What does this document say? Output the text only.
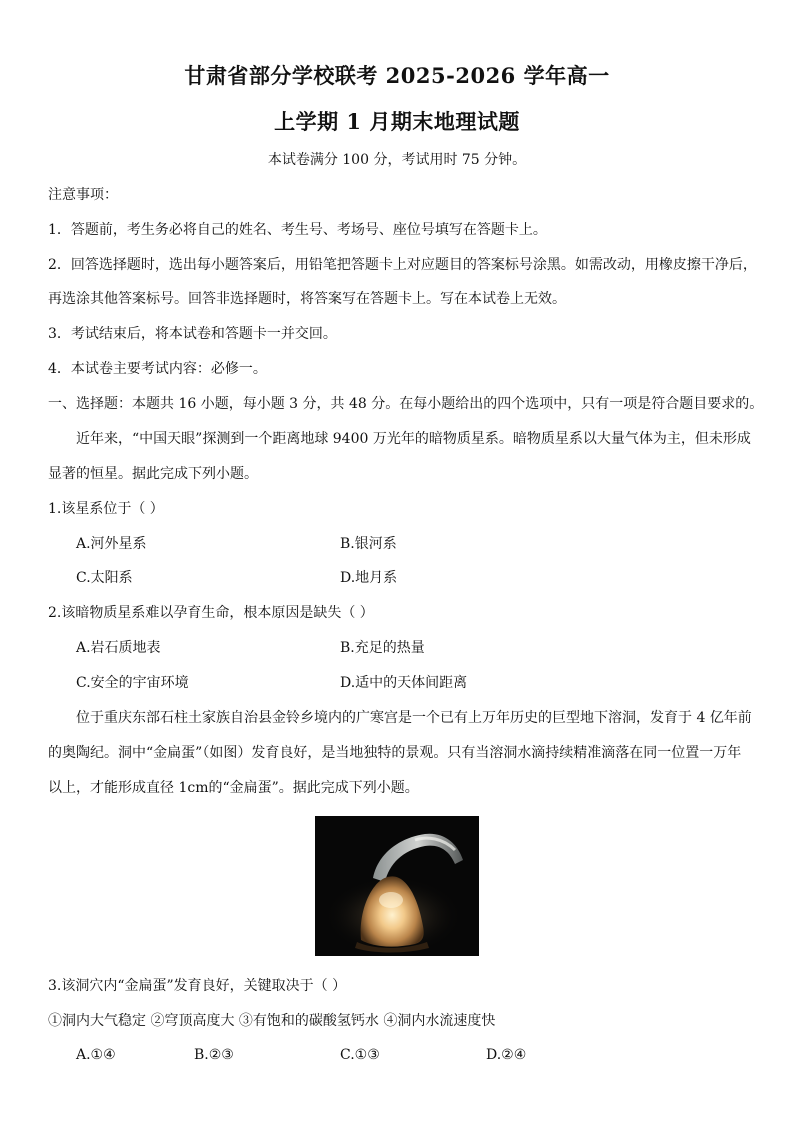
甘肃省部分学校联考 2025-2026 学年高一
上学期 1 月期末地理试题
本试卷满分 100 分，考试用时 75 分钟。
注意事项：
1．答题前，考生务必将自己的姓名、考生号、考场号、座位号填写在答题卡上。
2．回答选择题时，选出每小题答案后，用铅笔把答题卡上对应题目的答案标号涂黑。如需改动，用橡皮擦干净后，
再选涂其他答案标号。回答非选择题时，将答案写在答题卡上。写在本试卷上无效。
3．考试结束后，将本试卷和答题卡一并交回。
4．本试卷主要考试内容：必修一。
一、选择题：本题共 16 小题，每小题 3 分，共 48 分。在每小题给出的四个选项中，只有一项是符合题目要求的。
近年来，“中国天眼”探测到一个距离地球 9400 万光年的暗物质星系。暗物质星系以大量气体为主，但未形成
显著的恒星。据此完成下列小题。
1.该星系位于（ ）
A.河外星系	B.银河系
C.太阳系	D.地月系
2.该暗物质星系难以孕育生命，根本原因是缺失（ ）
A.岩石质地表	B.充足的热量
C.安全的宇宙环境	D.适中的天体间距离
位于重庆东部石柱土家族自治县金铃乡境内的广寒宫是一个已有上万年历史的巨型地下溶洞，发育于 4 亿年前
的奥陶纪。洞中“金扁蛋”（如图）发育良好，是当地独特的景观。只有当溶洞水滴持续精准滴落在同一位置一万年
以上，才能形成直径 1cm的“金扁蛋”。据此完成下列小题。
3.该洞穴内“金扁蛋”发育良好，关键取决于（ ）
①洞内大气稳定 ②穹顶高度大 ③有饱和的碳酸氢钙水 ④洞内水流速度快
A.①④	B.②③	C.①③	D.②④
